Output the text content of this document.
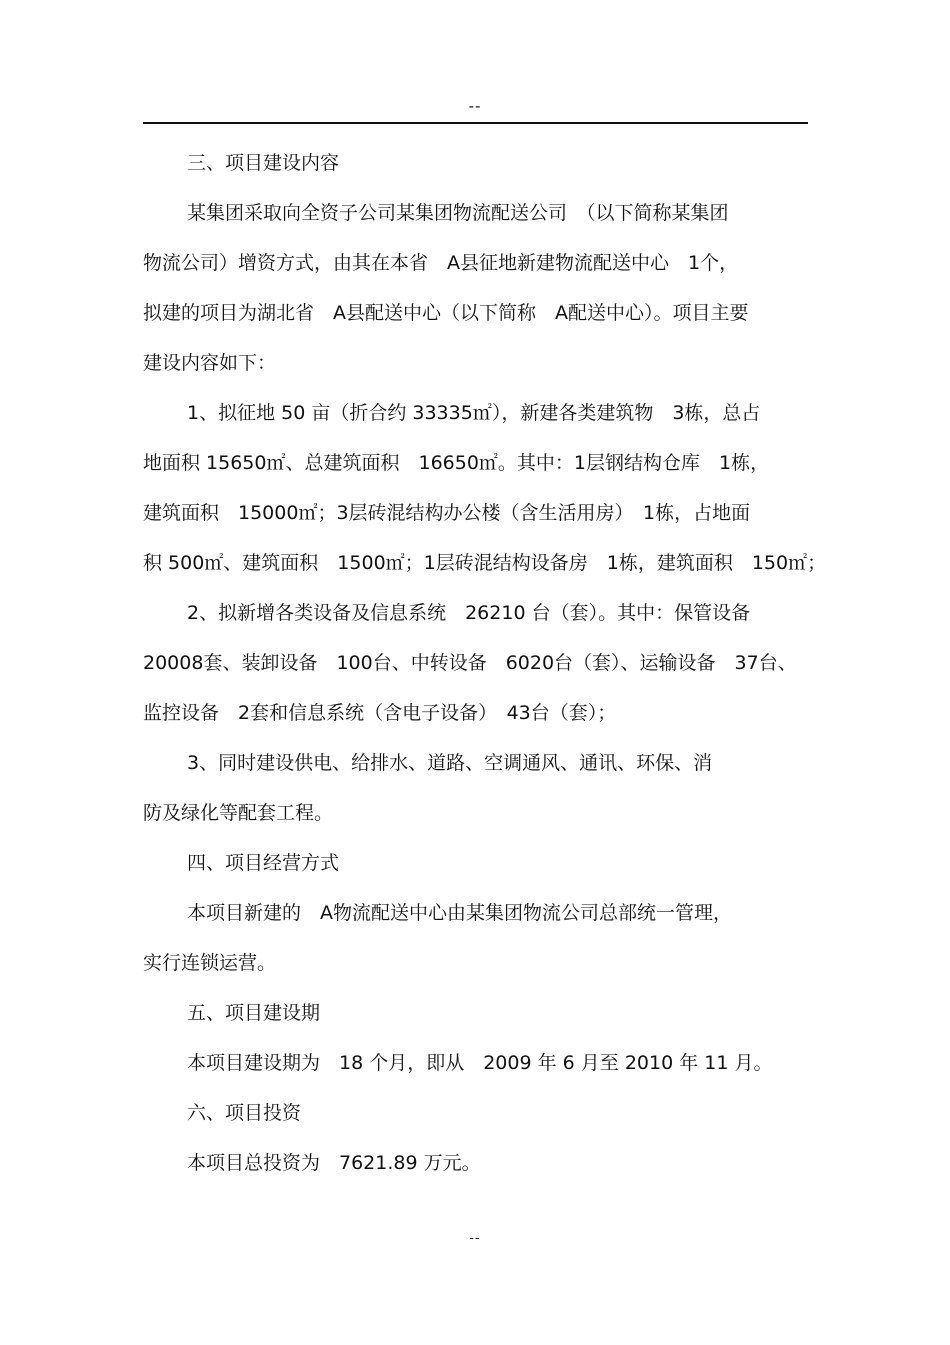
--
三、项目建设内容
某集团采取向全资子公司某集团物流配送公司　（以下简称某集团
物流公司）增资方式，由其在本省　A县征地新建物流配送中心　1个，
拟建的项目为湖北省　A县配送中心（以下简称　A配送中心）。项目主要
建设内容如下：
1、拟征地 50 亩（折合约 33335㎡），新建各类建筑物　3栋，总占
地面积 15650㎡、总建筑面积　16650㎡。其中：1层钢结构仓库　1栋，
建筑面积　15000㎡；3层砖混结构办公楼（含生活用房）　1栋，占地面
积 500㎡、建筑面积　1500㎡；1层砖混结构设备房　1栋，建筑面积　150㎡；
2、拟新增各类设备及信息系统　26210 台（套）。其中：保管设备
20008套、装卸设备　100台、中转设备　6020台（套）、运输设备　37台、
监控设备　2套和信息系统（含电子设备）　43台（套）；
3、同时建设供电、给排水、道路、空调通风、通讯、环保、消
防及绿化等配套工程。
四、项目经营方式
本项目新建的　A物流配送中心由某集团物流公司总部统一管理，
实行连锁运营。
五、项目建设期
本项目建设期为　18 个月，即从　2009 年 6 月至 2010 年 11 月。
六、项目投资
本项目总投资为　7621.89 万元。
--
